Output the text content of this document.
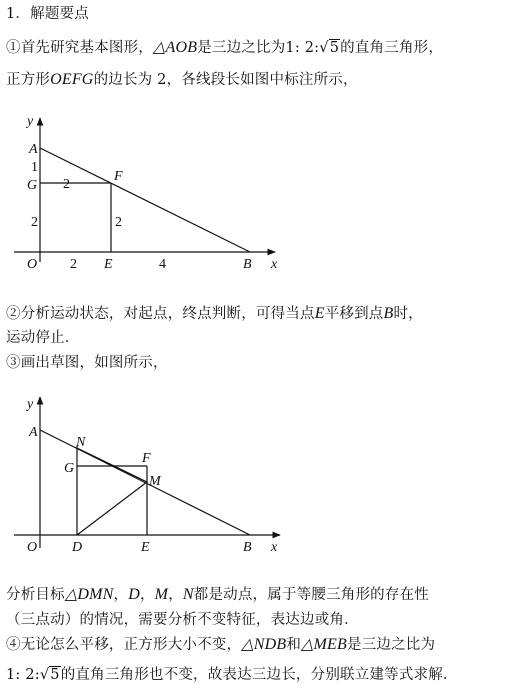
1．解题要点
①首先研究基本图形，△AOB是三边之比为1: 2:√5的直角三角形，
正方形OEFG的边长为 2，各线段长如图中标注所示，
y
A
1
G 2
F
2	2
O 2 E	4	B x
②分析运动状态，对起点，终点判断，可得当点E平移到点B时，
运动停止．
③画出草图，如图所示，
y
A
N
G
F
M
O D	E	B x
分析目标△DMN，D，M，N都是动点，属于等腰三角形的存在性
（三点动）的情况，需要分析不变特征，表达边或角．
④无论怎么平移，正方形大小不变，△NDB和△MEB是三边之比为
1: 2:√5的直角三角形也不变，故表达三边长，分别联立建等式求解．
